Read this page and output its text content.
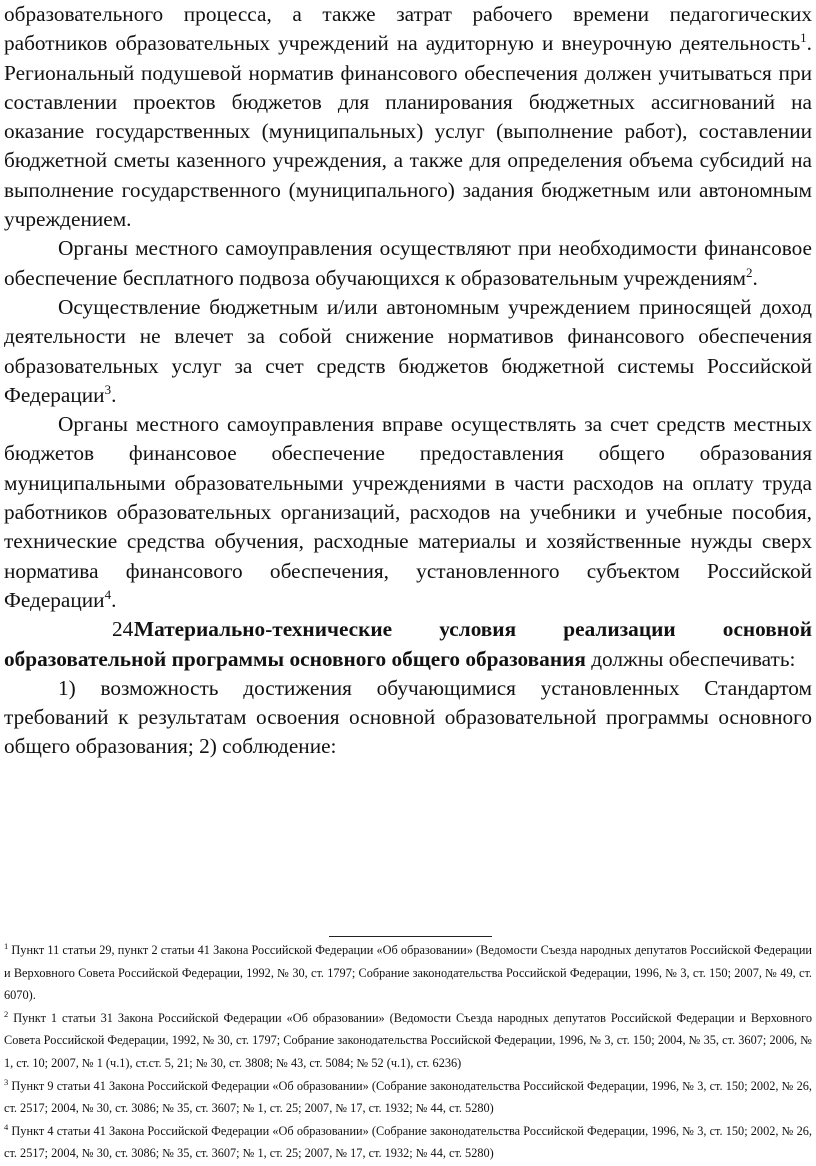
образовательного процесса, а также затрат рабочего времени педагогических работников образовательных учреждений на аудиторную и внеурочную деятельность$^1$. Региональный подушевой норматив финансового обеспечения должен учитываться при составлении проектов бюджетов для планирования бюджетных ассигнований на оказание государственных (муниципальных) услуг (выполнение работ), составлении бюджетной сметы казенного учреждения, а также для определения объема субсидий на выполнение государственного (муниципального) задания бюджетным или автономным учреждением.

Органы местного самоуправления осуществляют при необходимости финансовое обеспечение бесплатного подвоза обучающихся к образовательным учреждениям$^2$.

Осуществление бюджетным и/или автономным учреждением приносящей доход деятельности не влечет за собой снижение нормативов финансового обеспечения образовательных услуг за счет средств бюджетов бюджетной системы Российской Федерации$^3$.

Органы местного самоуправления вправе осуществлять за счет средств местных бюджетов финансовое обеспечение предоставления общего образования муниципальными образовательными учреждениями в части расходов на оплату труда работников образовательных организаций, расходов на учебники и учебные пособия, технические средства обучения, расходные материалы и хозяйственные нужды сверх норматива финансового обеспечения, установленного субъектом Российской Федерации$^4$.

24.Материально-технические условия реализации основной образовательной программы основного общего образования должны обеспечивать:

1) возможность достижения обучающимися установленных Стандартом требований к результатам освоения основной образовательной программы основного общего образования; 2) соблюдение:

$^1$ Пункт 11 статьи 29, пункт 2 статьи 41 Закона Российской Федерации «Об образовании» (Ведомости Съезда народных депутатов Российской Федерации и Верховного Совета Российской Федерации, 1992, № 30, ст. 1797; Собрание законодательства Российской Федерации, 1996, № 3, ст. 150; 2007, № 49, ст. 6070).

$^2$ Пункт 1 статьи 31 Закона Российской Федерации «Об образовании» (Ведомости Съезда народных депутатов Российской Федерации и Верховного Совета Российской Федерации, 1992, № 30, ст. 1797; Собрание законодательства Российской Федерации, 1996, № 3, ст. 150; 2004, № 35, ст. 3607; 2006, № 1, ст. 10; 2007, № 1 (ч.1), ст.ст. 5, 21; № 30, ст. 3808; № 43, ст. 5084; № 52 (ч.1), ст. 6236)

$^3$ Пункт 9 статьи 41 Закона Российской Федерации «Об образовании» (Собрание законодательства Российской Федерации, 1996, № 3, ст. 150; 2002, № 26, ст. 2517; 2004, № 30, ст. 3086; № 35, ст. 3607; № 1, ст. 25; 2007, № 17, ст. 1932; № 44, ст. 5280)

$^4$ Пункт 4 статьи 41 Закона Российской Федерации «Об образовании» (Собрание законодательства Российской Федерации, 1996, № 3, ст. 150; 2002, № 26, ст. 2517; 2004, № 30, ст. 3086; № 35, ст. 3607; № 1, ст. 25; 2007, № 17, ст. 1932; № 44, ст. 5280)
